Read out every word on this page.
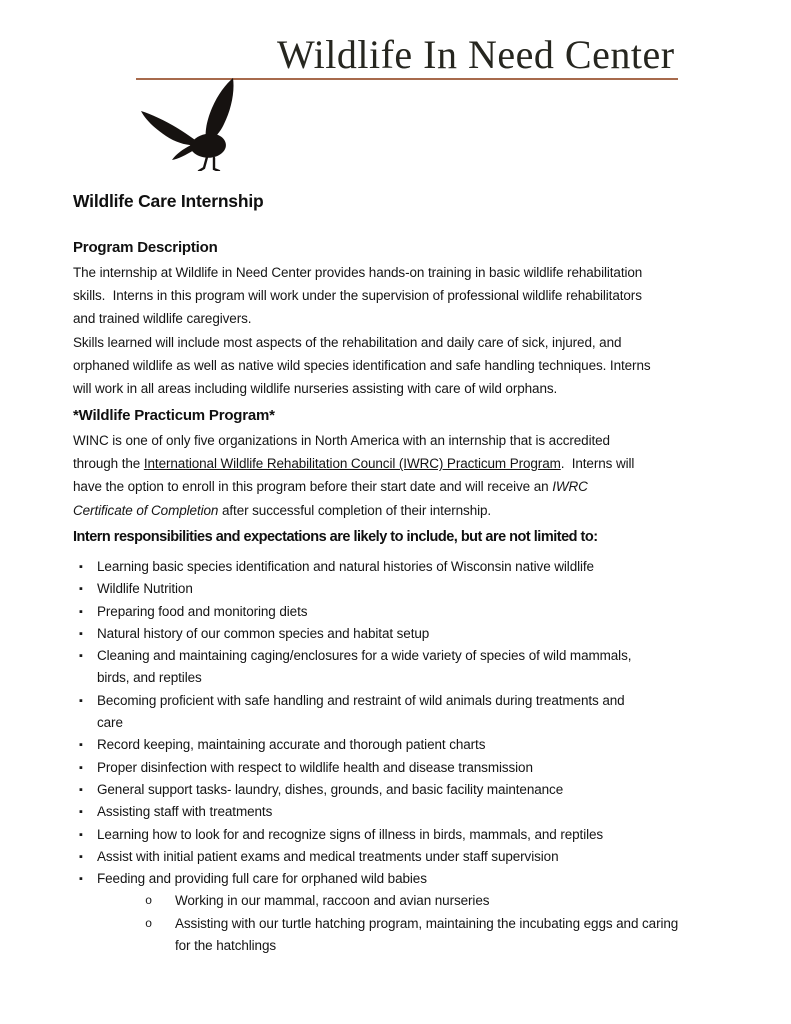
Wildlife In Need Center
Wildlife Care Internship
Program Description
The internship at Wildlife in Need Center provides hands-on training in basic wildlife rehabilitation
skills.  Interns in this program will work under the supervision of professional wildlife rehabilitators
and trained wildlife caregivers.
Skills learned will include most aspects of the rehabilitation and daily care of sick, injured, and
orphaned wildlife as well as native wild species identification and safe handling techniques. Interns
will work in all areas including wildlife nurseries assisting with care of wild orphans.
*Wildlife Practicum Program*
WINC is one of only five organizations in North America with an internship that is accredited
through the International Wildlife Rehabilitation Council (IWRC) Practicum Program.  Interns will
have the option to enroll in this program before their start date and will receive an IWRC
Certificate of Completion after successful completion of their internship.
Intern responsibilities and expectations are likely to include, but are not limited to:
▪ Learning basic species identification and natural histories of Wisconsin native wildlife
▪ Wildlife Nutrition
▪ Preparing food and monitoring diets
▪ Natural history of our common species and habitat setup
▪ Cleaning and maintaining caging/enclosures for a wide variety of species of wild mammals,
birds, and reptiles
▪ Becoming proficient with safe handling and restraint of wild animals during treatments and
care
▪ Record keeping, maintaining accurate and thorough patient charts
▪ Proper disinfection with respect to wildlife health and disease transmission
▪ General support tasks- laundry, dishes, grounds, and basic facility maintenance
▪ Assisting staff with treatments
▪ Learning how to look for and recognize signs of illness in birds, mammals, and reptiles
▪ Assist with initial patient exams and medical treatments under staff supervision
▪ Feeding and providing full care for orphaned wild babies
o Working in our mammal, raccoon and avian nurseries
o Assisting with our turtle hatching program, maintaining the incubating eggs and caring
for the hatchlings
